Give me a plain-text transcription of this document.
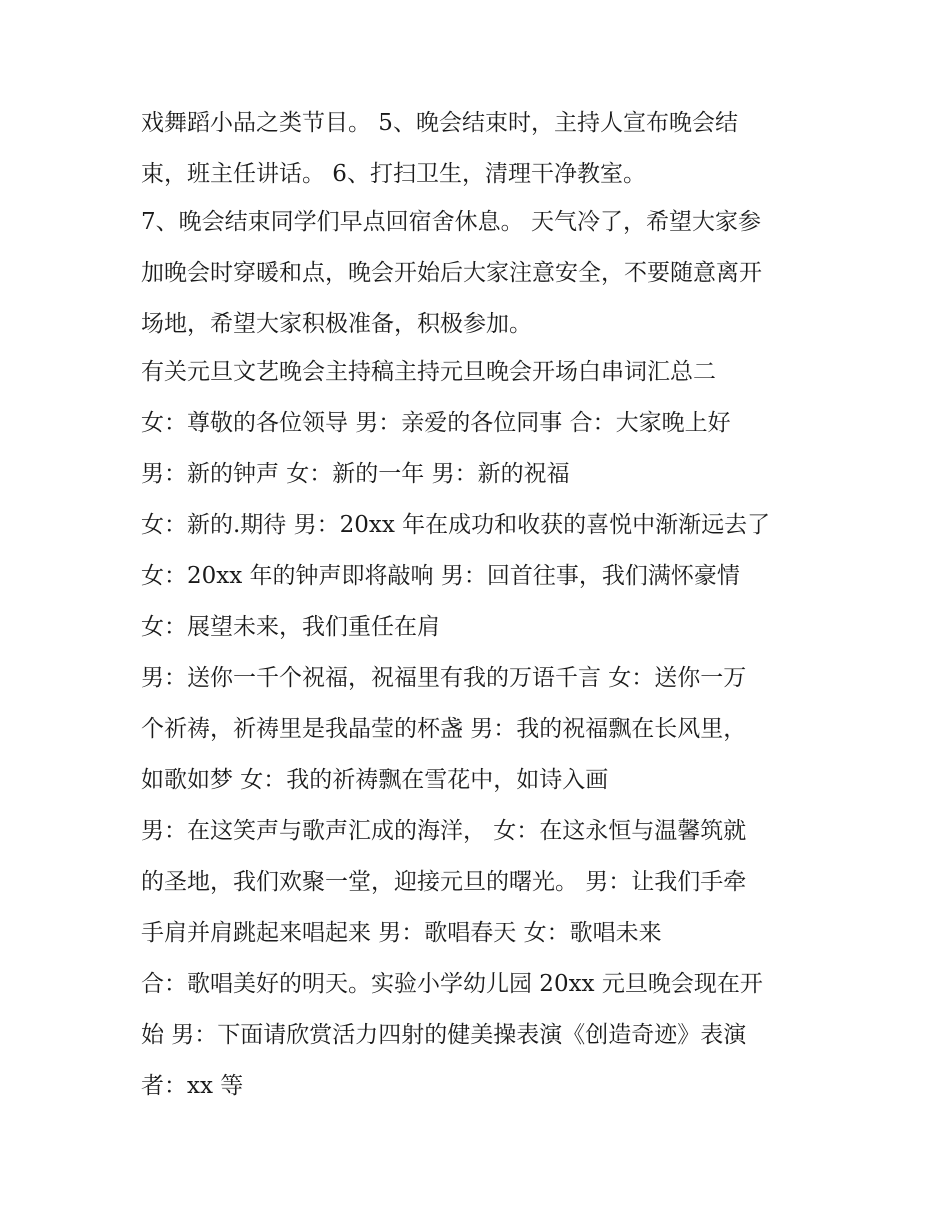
戏舞蹈小品之类节目。 5、晚会结束时，主持人宣布晚会结

束，班主任讲话。 6、打扫卫生，清理干净教室。

7、晚会结束同学们早点回宿舍休息。 天气冷了，希望大家参

加晚会时穿暖和点，晚会开始后大家注意安全，不要随意离开

场地，希望大家积极准备，积极参加。

有关元旦文艺晚会主持稿主持元旦晚会开场白串词汇总二

女：尊敬的各位领导 男：亲爱的各位同事 合：大家晚上好

男：新的钟声 女：新的一年 男：新的祝福

女：新的.期待 男：20xx 年在成功和收获的喜悦中渐渐远去了

女：20xx 年的钟声即将敲响 男：回首往事，我们满怀豪情

女：展望未来，我们重任在肩

男：送你一千个祝福，祝福里有我的万语千言 女：送你一万

个祈祷，祈祷里是我晶莹的杯盏 男：我的祝福飘在长风里，

如歌如梦 女：我的祈祷飘在雪花中，如诗入画

男：在这笑声与歌声汇成的海洋， 女：在这永恒与温馨筑就

的圣地，我们欢聚一堂，迎接元旦的曙光。 男：让我们手牵

手肩并肩跳起来唱起来 男：歌唱春天 女：歌唱未来

合：歌唱美好的明天。实验小学幼儿园 20xx 元旦晚会现在开

始 男：下面请欣赏活力四射的健美操表演《创造奇迹》表演

者：xx 等
